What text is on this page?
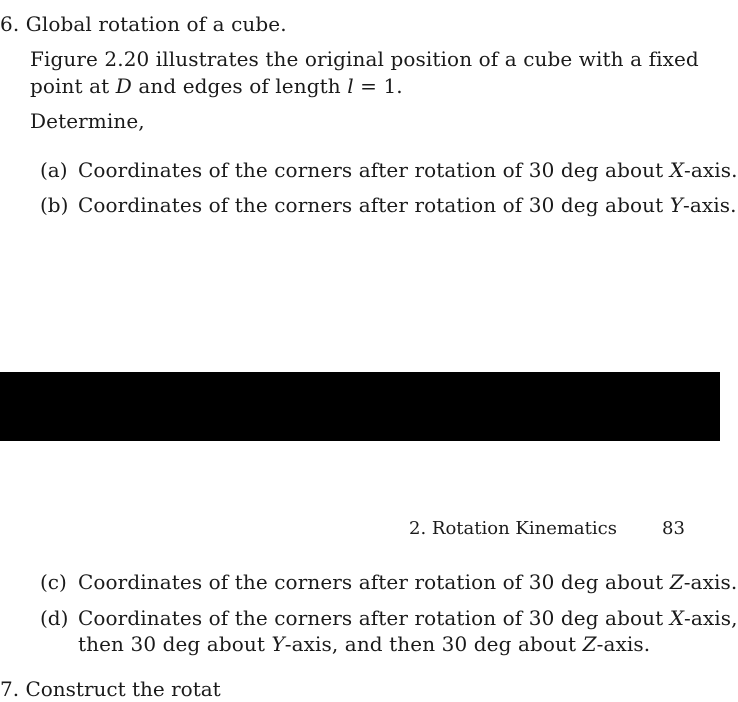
6. Global rotation of a cube.
Figure 2.20 illustrates the original position of a cube with a fixed
point at D and edges of length l = 1.
Determine,
(a) Coordinates of the corners after rotation of 30 deg about X-axis.
(b) Coordinates of the corners after rotation of 30 deg about Y-axis.
2. Rotation Kinematics	83
(c) Coordinates of the corners after rotation of 30 deg about Z-axis.
(d) Coordinates of the corners after rotation of 30 deg about X-axis,
then 30 deg about Y-axis, and then 30 deg about Z-axis.
7. Construct the rotat
